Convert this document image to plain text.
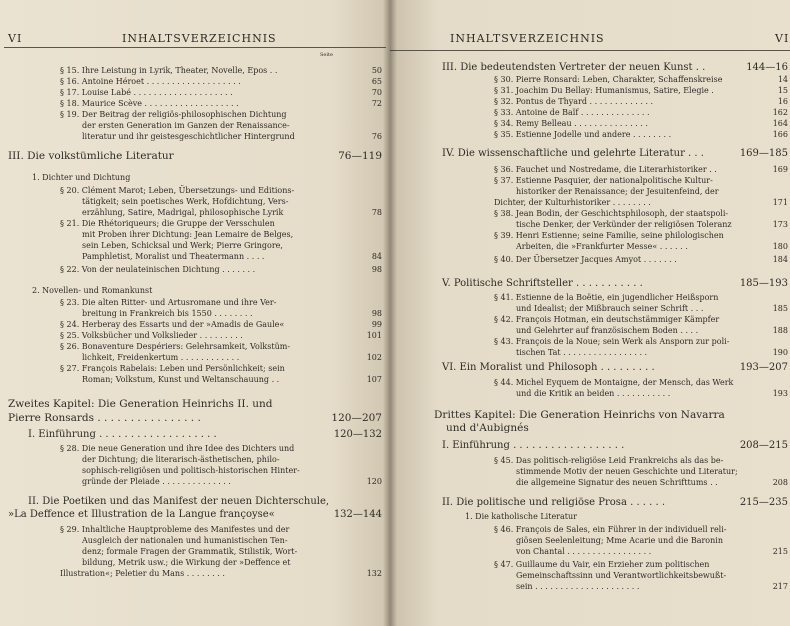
VI	INHALTSVERZEICHNIS
Seite
§ 15. Ihre Leistung in Lyrik, Theater, Novelle, Epos . .	50
§ 16. Antoine Héroet . . . . . . . . . . . . . . . . . . .	65
§ 17. Louise Labé . . . . . . . . . . . . . . . . . . . .	70
§ 18. Maurice Scève . . . . . . . . . . . . . . . . . . .	72
§ 19. Der Beitrag der religiös-philosophischen Dichtung
der ersten Generation im Ganzen der Renaissance-
literatur und ihr geistesgeschichtlicher Hintergrund	76
III. Die volkstümliche Literatur	76—119
1. Dichter und Dichtung
§ 20. Clément Marot; Leben, Übersetzungs- und Editions-
tätigkeit; sein poetisches Werk, Hofdichtung, Vers-
erzählung, Satire, Madrigal, philosophische Lyrik	78
§ 21. Die Rhétoriqueurs; die Gruppe der Versschulen
mit Proben ihrer Dichtung: Jean Lemaire de Belges,
sein Leben, Schicksal und Werk; Pierre Gringore,
Pamphletist, Moralist und Theatermann . . . .	84
§ 22. Von der neulateinischen Dichtung . . . . . . .	98
2. Novellen- und Romankunst
§ 23. Die alten Ritter- und Artusromane und ihre Ver-
breitung in Frankreich bis 1550 . . . . . . . .	98
§ 24. Herberay des Essarts und der »Amadis de Gaule«	99
§ 25. Volksbücher und Volkslieder . . . . . . . . .	101
§ 26. Bonaventure Despériers: Gelehrsamkeit, Volkstüm-
lichkeit, Freidenkertum . . . . . . . . . . . .	102
§ 27. François Rabelais: Leben und Persönlichkeit; sein
Roman; Volkstum, Kunst und Weltanschauung . .	107
Zweites Kapitel: Die Generation Heinrichs II. und
Pierre Ronsards . . . . . . . . . . . . . . . .	120—207
I. Einführung . . . . . . . . . . . . . . . . . . .	120—132
§ 28. Die neue Generation und ihre Idee des Dichters und
der Dichtung; die literarisch-ästhetischen, philo-
sophisch-religiösen und politisch-historischen Hinter-
gründe der Pleiade . . . . . . . . . . . . . .	120
II. Die Poetiken und das Manifest der neuen Dichterschule,
»La Deffence et Illustration de la Langue françoyse«	132—144
§ 29. Inhaltliche Hauptprobleme des Manifestes und der
Ausgleich der nationalen und humanistischen Ten-
denz; formale Fragen der Grammatik, Stilistik, Wort-
bildung, Metrik usw.; die Wirkung der »Deffence et
Illustration«; Peletier du Mans . . . . . . . .	132
INHALTSVERZEICHNIS	VI
III. Die bedeutendsten Vertreter der neuen Kunst . .	144—16
§ 30. Pierre Ronsard: Leben, Charakter, Schaffenskreise	14
§ 31. Joachim Du Bellay: Humanismus, Satire, Elegie .	15
§ 32. Pontus de Thyard . . . . . . . . . . . . .	16
§ 33. Antoine de Baïf . . . . . . . . . . . . . .	162
§ 34. Remy Belleau . . . . . . . . . . . . . . .	164
§ 35. Estienne Jodelle und andere . . . . . . . .	166
IV. Die wissenschaftliche und gelehrte Literatur . . .	169—185
§ 36. Fauchet und Nostredame, die Literarhistoriker . .	169
§ 37. Estienne Pasquier, der nationalpolitische Kultur-
historiker der Renaissance; der Jesuitenfeind, der
Dichter, der Kulturhistoriker . . . . . . . .	171
§ 38. Jean Bodin, der Geschichtsphilosoph, der staatspoli-
tische Denker, der Verkünder der religiösen Toleranz	173
§ 39. Henri Estienne; seine Familie, seine philologischen
Arbeiten, die »Frankfurter Messe« . . . . . .	180
§ 40. Der Übersetzer Jacques Amyot . . . . . . .	184
V. Politische Schriftsteller . . . . . . . . . . .	185—193
§ 41. Estienne de la Boëtie, ein jugendlicher Heißsporn
und Idealist; der Mißbrauch seiner Schrift . . .	185
§ 42. François Hotman, ein deutschstämmiger Kämpfer
und Gelehrter auf französischem Boden . . . .	188
§ 43. François de la Noue; sein Werk als Ansporn zur poli-
tischen Tat . . . . . . . . . . . . . . . . .	190
VI. Ein Moralist und Philosoph . . . . . . . . .	193—207
§ 44. Michel Eyquem de Montaigne, der Mensch, das Werk
und die Kritik an beiden . . . . . . . . . . .	193
Drittes Kapitel: Die Generation Heinrichs von Navarra
und d'Aubignés
I. Einführung . . . . . . . . . . . . . . . . . .	208—215
§ 45. Das politisch-religiöse Leid Frankreichs als das be-
stimmende Motiv der neuen Geschichte und Literatur;
die allgemeine Signatur des neuen Schrifttums . .	208
II. Die politische und religiöse Prosa . . . . . .	215—235
1. Die katholische Literatur
§ 46. François de Sales, ein Führer in der individuell reli-
giösen Seelenleitung; Mme Acarie und die Baronin
von Chantal . . . . . . . . . . . . . . . . .	215
§ 47. Guillaume du Vair, ein Erzieher zum politischen
Gemeinschaftssinn und Verantwortlichkeitsbewußt-
sein . . . . . . . . . . . . . . . . . . . . .	217
